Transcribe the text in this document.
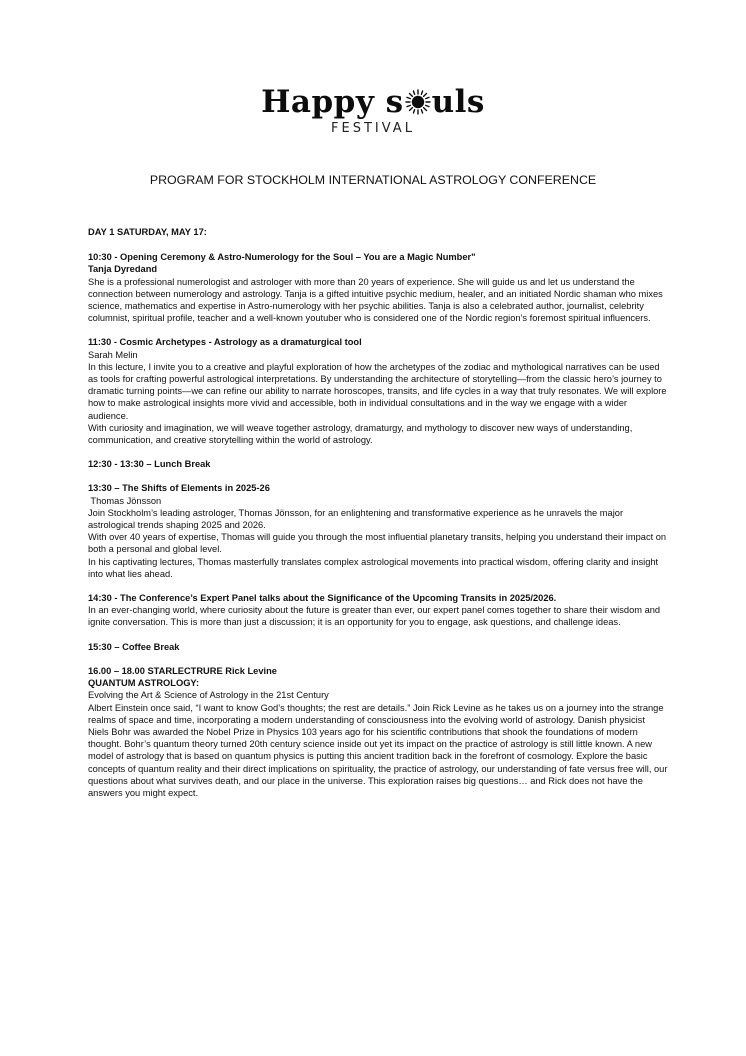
Happy s uls
FESTIVAL
PROGRAM FOR STOCKHOLM INTERNATIONAL ASTROLOGY CONFERENCE
DAY 1 SATURDAY, MAY 17:
10:30 - Opening Ceremony & Astro-Numerology for the Soul – You are a Magic Number"
Tanja Dyredand
She is a professional numerologist and astrologer with more than 20 years of experience. She will guide us and let us understand the connection between numerology and astrology. Tanja is a gifted intuitive psychic medium, healer, and an initiated Nordic shaman who mixes science, mathematics and expertise in Astro-numerology with her psychic abilities. Tanja is also a celebrated author, journalist, celebrity columnist, spiritual profile, teacher and a well-known youtuber who is considered one of the Nordic region’s foremost spiritual influencers.
11:30 - Cosmic Archetypes - Astrology as a dramaturgical tool
Sarah Melin
In this lecture, I invite you to a creative and playful exploration of how the archetypes of the zodiac and mythological narratives can be used as tools for crafting powerful astrological interpretations. By understanding the architecture of storytelling—from the classic hero’s journey to dramatic turning points—we can refine our ability to narrate horoscopes, transits, and life cycles in a way that truly resonates. We will explore how to make astrological insights more vivid and accessible, both in individual consultations and in the way we engage with a wider audience.
With curiosity and imagination, we will weave together astrology, dramaturgy, and mythology to discover new ways of understanding, communication, and creative storytelling within the world of astrology.
12:30 - 13:30 – Lunch Break
13:30 – The Shifts of Elements in 2025-26
Thomas Jönsson
Join Stockholm’s leading astrologer, Thomas Jönsson, for an enlightening and transformative experience as he unravels the major astrological trends shaping 2025 and 2026.
With over 40 years of expertise, Thomas will guide you through the most influential planetary transits, helping you understand their impact on both a personal and global level.
In his captivating lectures, Thomas masterfully translates complex astrological movements into practical wisdom, offering clarity and insight into what lies ahead.
14:30 - The Conference’s Expert Panel talks about the Significance of the Upcoming Transits in 2025/2026.
In an ever-changing world, where curiosity about the future is greater than ever, our expert panel comes together to share their wisdom and ignite conversation. This is more than just a discussion; it is an opportunity for you to engage, ask questions, and challenge ideas.
15:30 – Coffee Break
16.00 – 18.00 STARLECTRURE Rick Levine
QUANTUM ASTROLOGY:
Evolving the Art & Science of Astrology in the 21st Century
Albert Einstein once said, “I want to know God’s thoughts; the rest are details.” Join Rick Levine as he takes us on a journey into the strange realms of space and time, incorporating a modern understanding of consciousness into the evolving world of astrology. Danish physicist Niels Bohr was awarded the Nobel Prize in Physics 103 years ago for his scientific contributions that shook the foundations of modern thought. Bohr’s quantum theory turned 20th century science inside out yet its impact on the practice of astrology is still little known. A new model of astrology that is based on quantum physics is putting this ancient tradition back in the forefront of cosmology. Explore the basic concepts of quantum reality and their direct implications on spirituality, the practice of astrology, our understanding of fate versus free will, our questions about what survives death, and our place in the universe. This exploration raises big questions… and Rick does not have the answers you might expect.
